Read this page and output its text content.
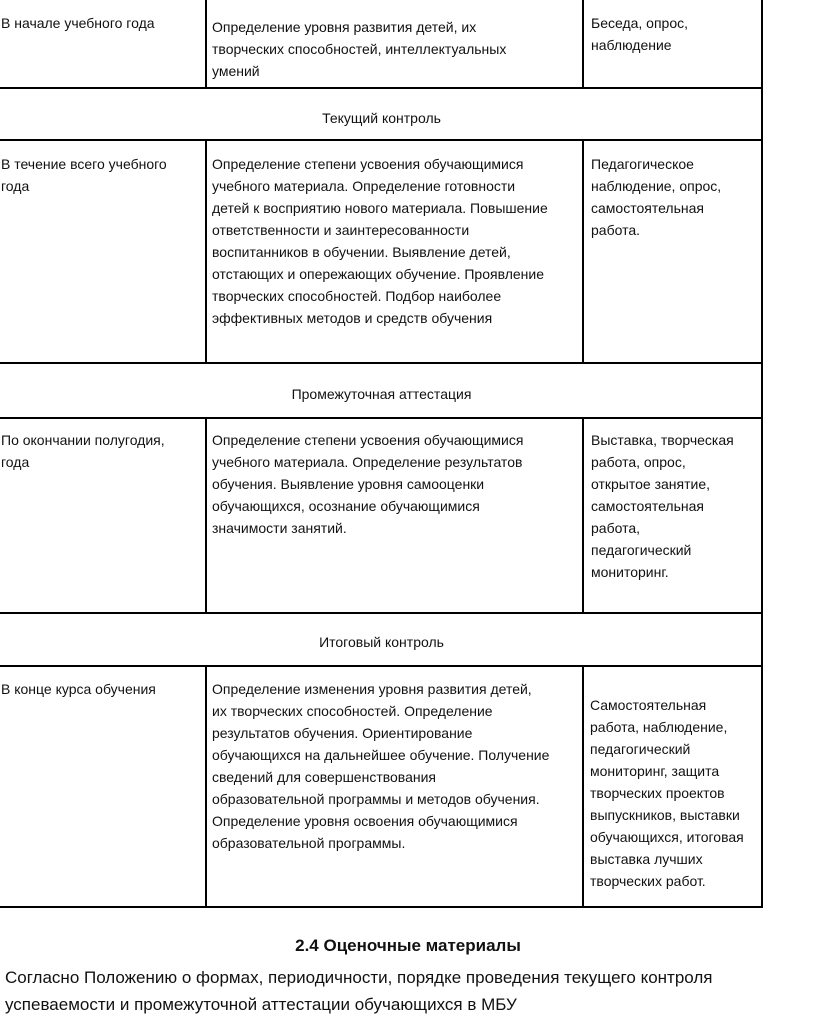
В начале учебного года	Определение уровня развития детей, их
творческих способностей, интеллектуальных
умений
Беседа, опрос,
наблюдение
Текущий контроль
В течение всего учебного
года
Определение степени усвоения обучающимися
учебного материала. Определение готовности
детей к восприятию нового материала. Повышение
ответственности и заинтересованности
воспитанников в обучении. Выявление детей,
отстающих и опережающих обучение. Проявление
творческих способностей. Подбор наиболее
эффективных методов и средств обучения
Педагогическое
наблюдение, опрос,
самостоятельная
работа.
Промежуточная аттестация
По окончании полугодия,
года
Определение степени усвоения обучающимися
учебного материала. Определение результатов
обучения. Выявление уровня самооценки
обучающихся, осознание обучающимися
значимости занятий.
Выставка, творческая
работа, опрос,
открытое занятие,
самостоятельная
работа,
педагогический
мониторинг.
Итоговый контроль
В конце курса обучения	Определение изменения уровня развития детей,
их творческих способностей. Определение
результатов обучения. Ориентирование
обучающихся на дальнейшее обучение. Получение
сведений для совершенствования
образовательной программы и методов обучения.
Определение уровня освоения обучающимися
образовательной программы.
Самостоятельная
работа, наблюдение,
педагогический
мониторинг, защита
творческих проектов
выпускников, выставки
обучающихся, итоговая
выставка лучших
творческих работ.
2.4 Оценочные материалы
Согласно Положению о формах, периодичности, порядке проведения текущего контроля
успеваемости и промежуточной аттестации обучающихся в МБУ
